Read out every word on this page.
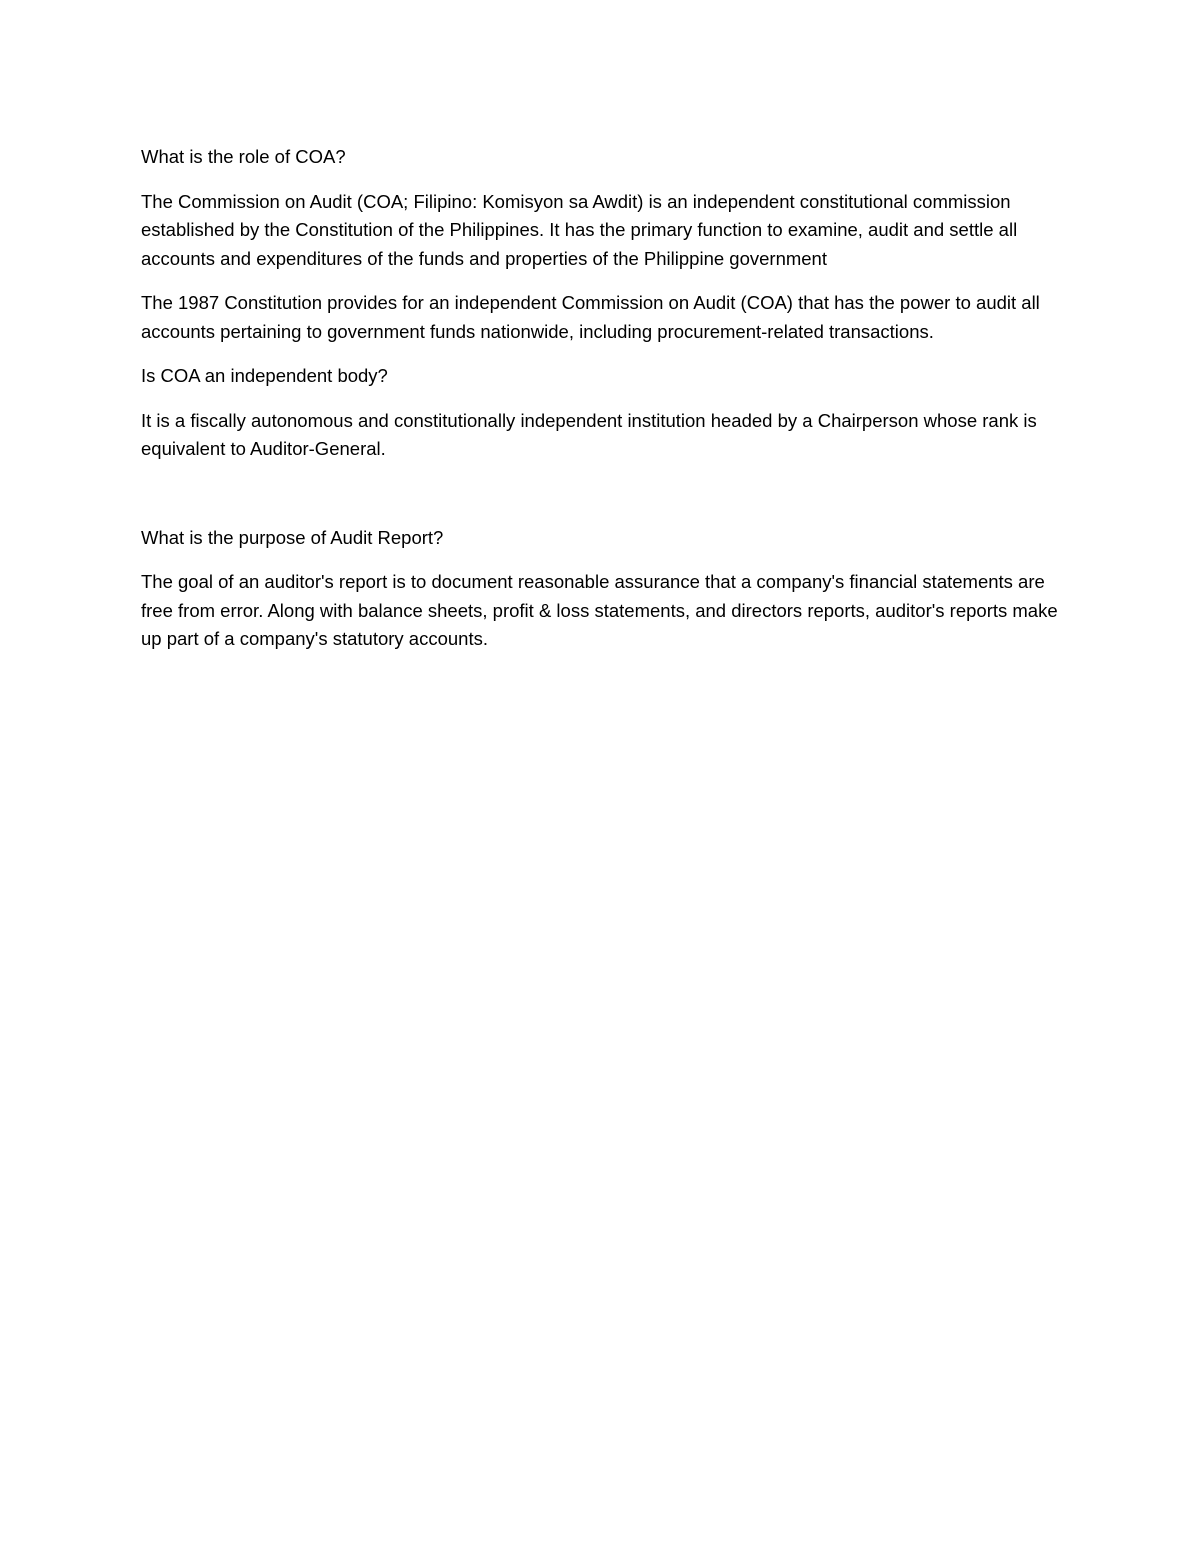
What is the role of COA?

The Commission on Audit (COA; Filipino: Komisyon sa Awdit) is an independent constitutional commission established by the Constitution of the Philippines. It has the primary function to examine, audit and settle all accounts and expenditures of the funds and properties of the Philippine government

The 1987 Constitution provides for an independent Commission on Audit (COA) that has the power to audit all accounts pertaining to government funds nationwide, including procurement-related transactions.

Is COA an independent body?

It is a fiscally autonomous and constitutionally independent institution headed by a Chairperson whose rank is equivalent to Auditor-General.

What is the purpose of Audit Report?

The goal of an auditor's report is to document reasonable assurance that a company's financial statements are free from error. Along with balance sheets, profit & loss statements, and directors reports, auditor's reports make up part of a company's statutory accounts.
